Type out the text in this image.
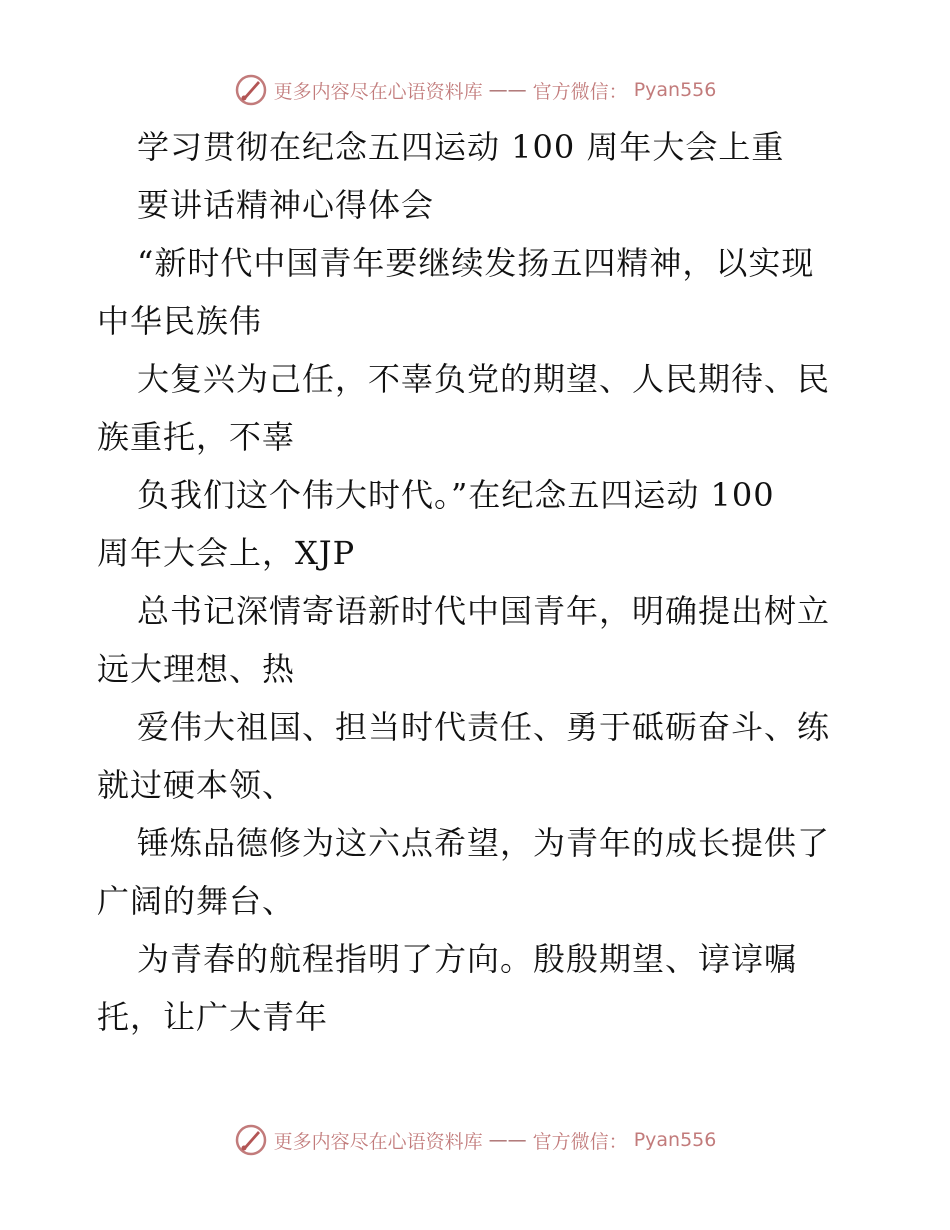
更多内容尽在心语资料库 —— 官方微信： Pyan556
学习贯彻在纪念五四运动 100 周年大会上重
要讲话精神心得体会
“新时代中国青年要继续发扬五四精神，以实现
中华民族伟
大复兴为己任，不辜负党的期望、人民期待、民
族重托，不辜
负我们这个伟大时代。”在纪念五四运动 100
周年大会上，XJP
总书记深情寄语新时代中国青年，明确提出树立
远大理想、热
爱伟大祖国、担当时代责任、勇于砥砺奋斗、练
就过硬本领、
锤炼品德修为这六点希望，为青年的成长提供了
广阔的舞台、
为青春的航程指明了方向。殷殷期望、谆谆嘱
托，让广大青年
更多内容尽在心语资料库 —— 官方微信： Pyan556
